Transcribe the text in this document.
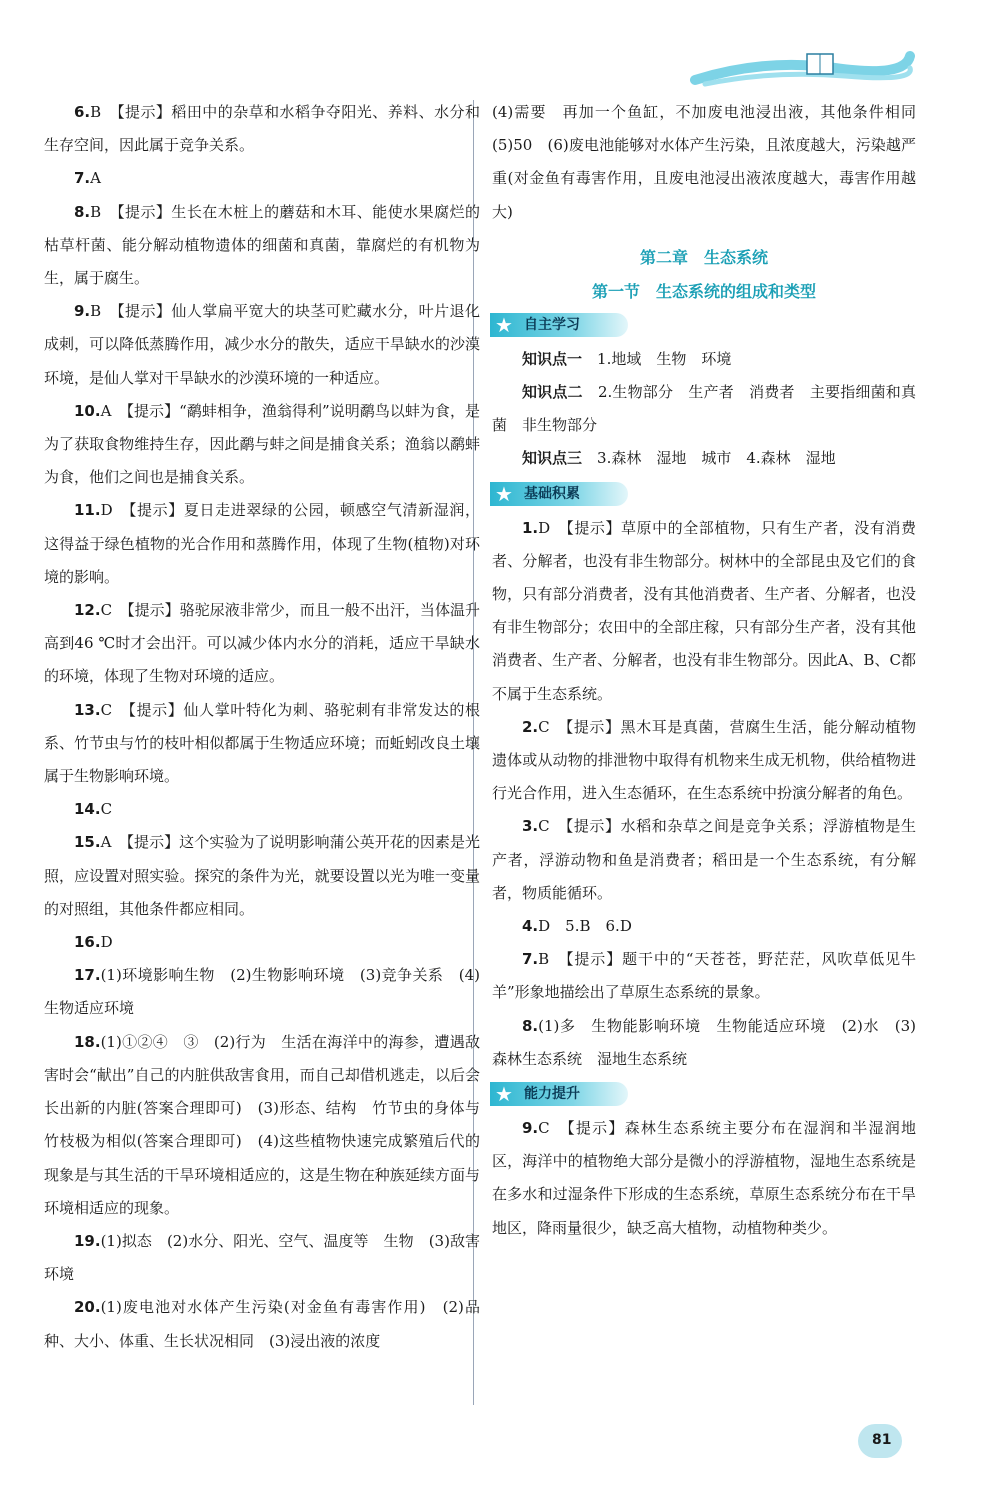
6.B　 【提示】稻田中的杂草和水稻争夺阳光、养料、水分和生存空间，因此属于竞争关系。

7.A

8.B　 【提示】生长在木桩上的蘑菇和木耳、能使水果腐烂的枯草杆菌、能分解动植物遗体的细菌和真菌，靠腐烂的有机物为生，属于腐生。

9.B　 【提示】仙人掌扁平宽大的块茎可贮藏水分，叶片退化成刺，可以降低蒸腾作用，减少水分的散失，适应干旱缺水的沙漠环境，是仙人掌对干旱缺水的沙漠环境的一种适应。

10.A　 【提示】“鹬蚌相争，渔翁得利”说明鹬鸟以蚌为食，是为了获取食物维持生存，因此鹬与蚌之间是捕食关系；渔翁以鹬蚌为食，他们之间也是捕食关系。

11.D　 【提示】夏日走进翠绿的公园，顿感空气清新湿润，这得益于绿色植物的光合作用和蒸腾作用，体现了生物(植物)对环境的影响。

12.C　 【提示】骆驼尿液非常少，而且一般不出汗，当体温升高到46 ℃时才会出汗。可以减少体内水分的消耗，适应干旱缺水的环境，体现了生物对环境的适应。

13.C　 【提示】仙人掌叶特化为刺、骆驼刺有非常发达的根系、竹节虫与竹的枝叶相似都属于生物适应环境；而蚯蚓改良土壤属于生物影响环境。

14.C

15.A　 【提示】这个实验为了说明影响蒲公英开花的因素是光照，应设置对照实验。探究的条件为光，就要设置以光为唯一变量的对照组，其他条件都应相同。

16.D

17.(1)环境影响生物　(2)生物影响环境　(3)竞争关系　(4)生物适应环境

18.(1)①②④　③　(2)行为　生活在海洋中的海参，遭遇敌害时会“献出”自己的内脏供敌害食用，而自己却借机逃走，以后会长出新的内脏(答案合理即可)　(3)形态、结构　竹节虫的身体与竹枝极为相似(答案合理即可)　(4)这些植物快速完成繁殖后代的现象是与其生活的干旱环境相适应的，这是生物在种族延续方面与环境相适应的现象。

19.(1)拟态　(2)水分、阳光、空气、温度等　生物　(3)敌害　环境

20.(1)废电池对水体产生污染(对金鱼有毒害作用)　(2)品种、大小、体重、生长状况相同　(3)浸出液的浓度

(4)需要　再加一个鱼缸，不加废电池浸出液，其他条件相同　(5)50　(6)废电池能够对水体产生污染，且浓度越大，污染越严重(对金鱼有毒害作用，且废电池浸出液浓度越大，毒害作用越大)

第二章　生态系统
第一节　生态系统的组成和类型
★ 自主学习

知识点一　 1.地域　生物　环境

知识点二　 2.生物部分　生产者　消费者　主要指细菌和真菌　非生物部分

知识点三　 3.森林　湿地　城市　4.森林　湿地

★ 基础积累

1.D　 【提示】草原中的全部植物，只有生产者，没有消费者、分解者，也没有非生物部分。树林中的全部昆虫及它们的食物，只有部分消费者，没有其他消费者、生产者、分解者，也没有非生物部分；农田中的全部庄稼，只有部分生产者，没有其他消费者、生产者、分解者，也没有非生物部分。因此A、B、C都不属于生态系统。

2.C　 【提示】黑木耳是真菌，营腐生生活，能分解动植物遗体或从动物的排泄物中取得有机物来生成无机物，供给植物进行光合作用，进入生态循环，在生态系统中扮演分解者的角色。

3.C　 【提示】水稻和杂草之间是竞争关系；浮游植物是生产者，浮游动物和鱼是消费者；稻田是一个生态系统，有分解者，物质能循环。

4.D　5.B　6.D

7.B　 【提示】题干中的“天苍苍，野茫茫，风吹草低见牛羊”形象地描绘出了草原生态系统的景象。

8.(1)多　生物能影响环境　生物能适应环境　(2)水　(3)森林生态系统　湿地生态系统

★ 能力提升

9.C　 【提示】森林生态系统主要分布在湿润和半湿润地区，海洋中的植物绝大部分是微小的浮游植物，湿地生态系统是在多水和过湿条件下形成的生态系统，草原生态系统分布在干旱地区，降雨量很少，缺乏高大植物，动植物种类少。

81
